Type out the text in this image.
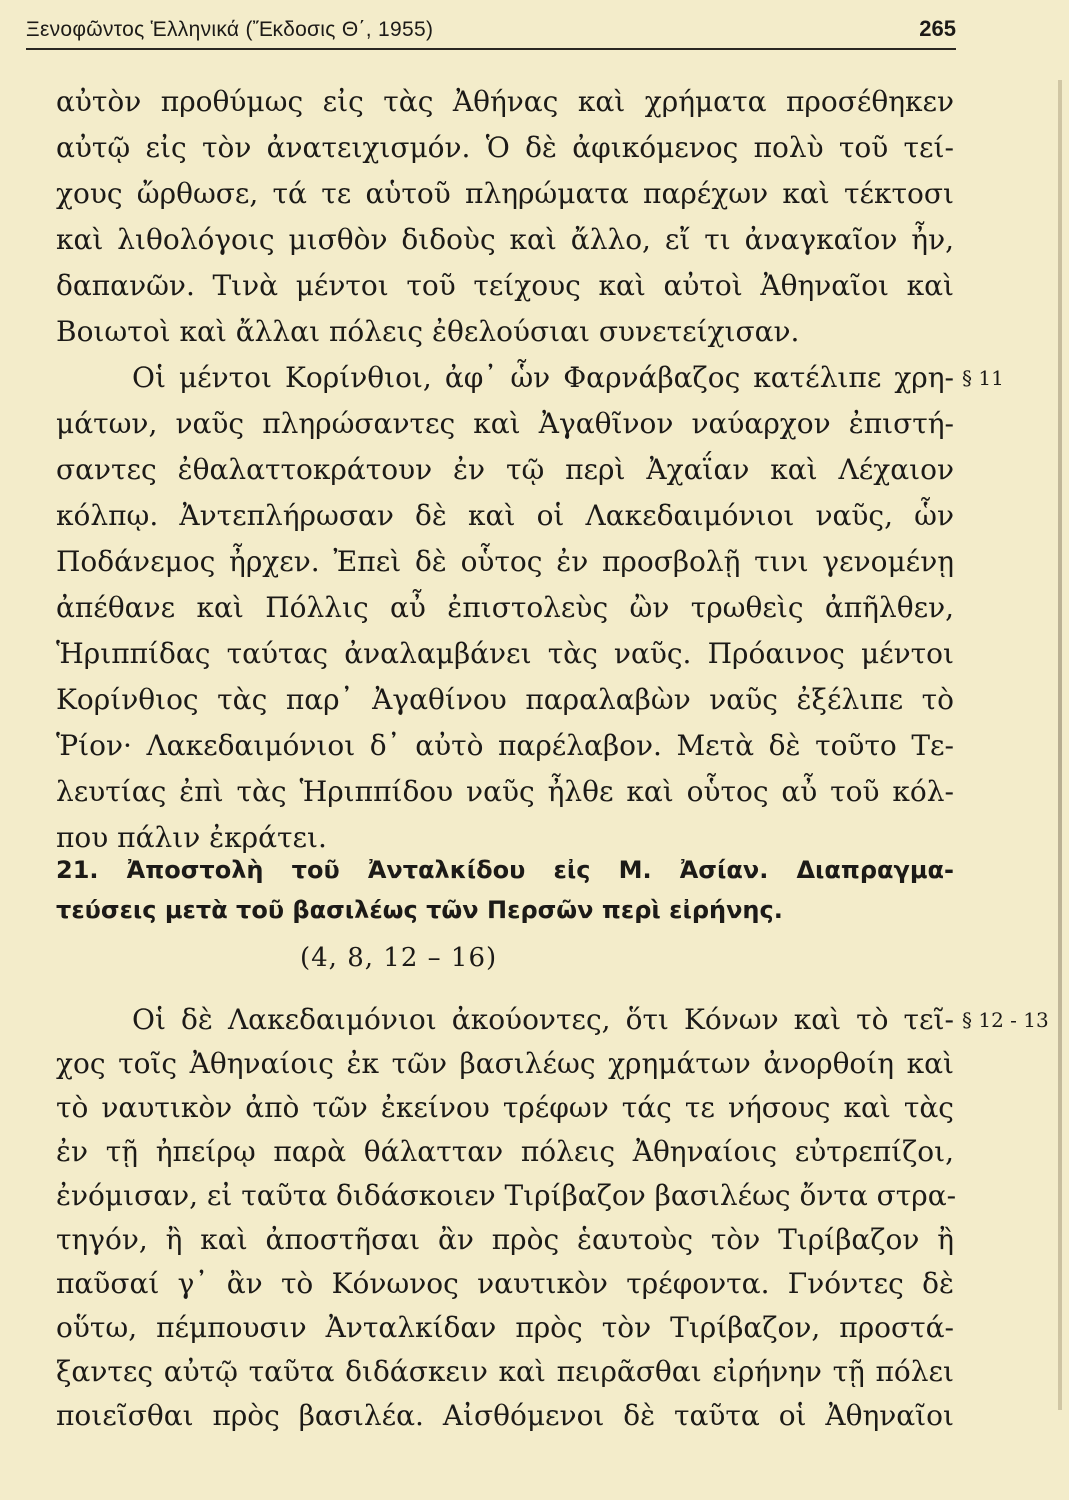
Ξενοφῶντος Ἑλληνικά (Ἔκδοσις Θ΄, 1955)	265
αὐτὸν προθύμως εἰς τὰς Ἀθήνας καὶ χρήματα προσέθηκεν
αὐτῷ εἰς τὸν ἀνατειχισμόν. Ὁ δὲ ἀφικόμενος πολὺ τοῦ τεί-
χους ὤρθωσε, τά τε αὑτοῦ πληρώματα παρέχων καὶ τέκτοσι
καὶ λιθολόγοις μισθὸν διδοὺς καὶ ἄλλο, εἴ τι ἀναγκαῖον ἦν,
δαπανῶν. Τινὰ μέντοι τοῦ τείχους καὶ αὐτοὶ Ἀθηναῖοι καὶ
Βοιωτοὶ καὶ ἄλλαι πόλεις ἐθελούσιαι συνετείχισαν.
Οἱ μέντοι Κορίνθιοι, ἀφ᾿ ὧν Φαρνάβαζος κατέλιπε χρη-
μάτων, ναῦς πληρώσαντες καὶ Ἀγαθῖνον ναύαρχον ἐπιστή-
σαντες ἐθαλαττοκράτουν ἐν τῷ περὶ Ἀχαΐαν καὶ Λέχαιον
κόλπῳ. Ἀντεπλήρωσαν δὲ καὶ οἱ Λακεδαιμόνιοι ναῦς, ὧν
Ποδάνεμος ἦρχεν. Ἐπεὶ δὲ οὗτος ἐν προσβολῇ τινι γενομένῃ
ἀπέθανε καὶ Πόλλις αὖ ἐπιστολεὺς ὢν τρωθεὶς ἀπῆλθεν,
Ἡριππίδας ταύτας ἀναλαμβάνει τὰς ναῦς. Πρόαινος μέντοι
Κορίνθιος τὰς παρ᾿ Ἀγαθίνου παραλαβὼν ναῦς ἐξέλιπε τὸ
Ῥίον· Λακεδαιμόνιοι δ᾿ αὐτὸ παρέλαβον. Μετὰ δὲ τοῦτο Τε-
λευτίας ἐπὶ τὰς Ἡριππίδου ναῦς ἦλθε καὶ οὗτος αὖ τοῦ κόλ-
που πάλιν ἐκράτει.
21. Ἀποστολὴ τοῦ Ἀνταλκίδου εἰς Μ. Ἀσίαν. Διαπραγμα-
τεύσεις μετὰ τοῦ βασιλέως τῶν Περσῶν περὶ εἰρήνης.
(4, 8, 12 – 16)
Οἱ δὲ Λακεδαιμόνιοι ἀκούοντες, ὅτι Κόνων καὶ τὸ τεῖ-
χος τοῖς Ἀθηναίοις ἐκ τῶν βασιλέως χρημάτων ἀνορθοίη καὶ
τὸ ναυτικὸν ἀπὸ τῶν ἐκείνου τρέφων τάς τε νήσους καὶ τὰς
ἐν τῇ ἠπείρῳ παρὰ θάλατταν πόλεις Ἀθηναίοις εὐτρεπίζοι,
ἐνόμισαν, εἰ ταῦτα διδάσκοιεν Τιρίβαζον βασιλέως ὄντα στρα-
τηγόν, ἢ καὶ ἀποστῆσαι ἂν πρὸς ἑαυτοὺς τὸν Τιρίβαζον ἢ
παῦσαί γ᾿ ἂν τὸ Κόνωνος ναυτικὸν τρέφοντα. Γνόντες δὲ
οὕτω, πέμπουσιν Ἀνταλκίδαν πρὸς τὸν Τιρίβαζον, προστά-
ξαντες αὐτῷ ταῦτα διδάσκειν καὶ πειρᾶσθαι εἰρήνην τῇ πόλει
ποιεῖσθαι πρὸς βασιλέα. Αἰσθόμενοι δὲ ταῦτα οἱ Ἀθηναῖοι
§ 11
§ 12 - 13
